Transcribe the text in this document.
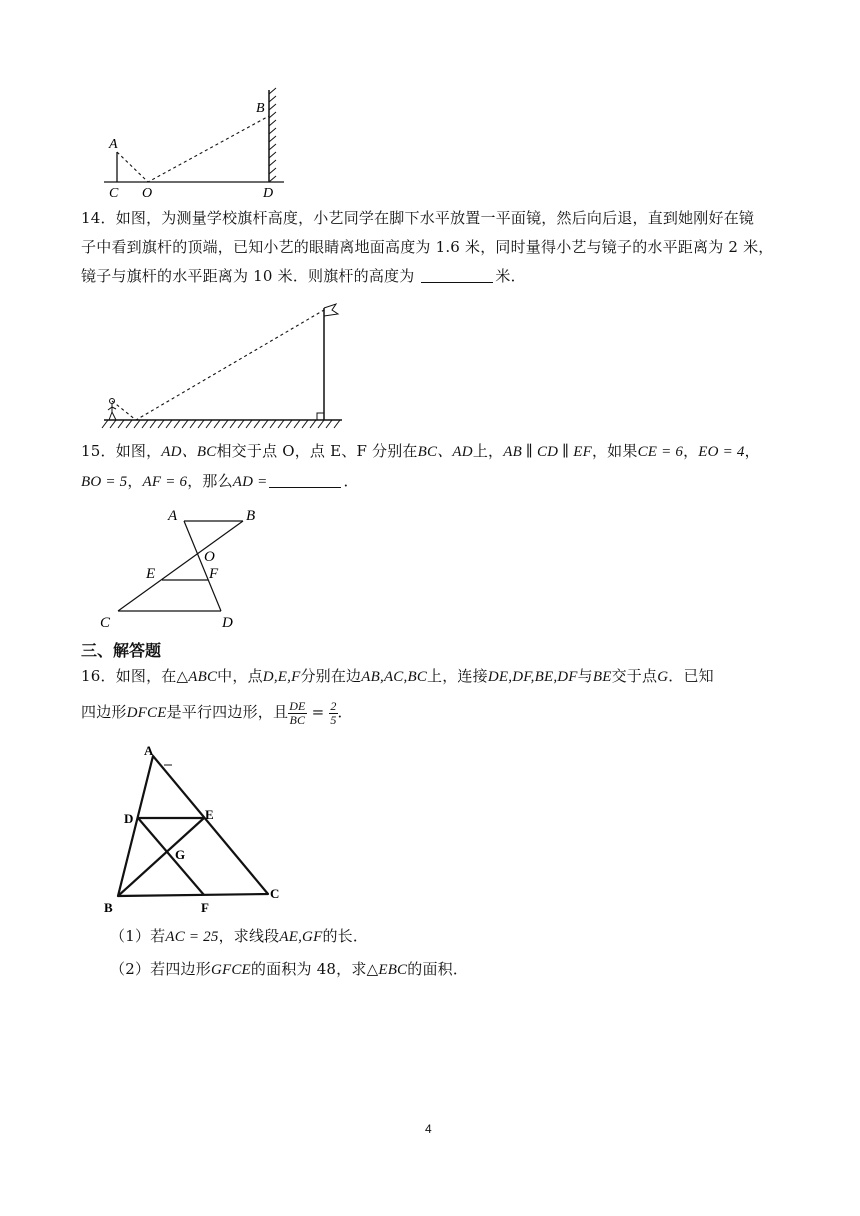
A
B
C O	D
14．如图，为测量学校旗杆高度，小艺同学在脚下水平放置一平面镜，然后向后退，直到她刚好在镜
子中看到旗杆的顶端，已知小艺的眼睛离地面高度为 1.6 米，同时量得小艺与镜子的水平距离为 2 米，
镜子与旗杆的水平距离为 10 米．则旗杆的高度为	米．
15．如图，AD、BC相交于点 O，点 E、F 分别在BC、AD上，AB ∥ CD ∥ EF，如果CE = 6，EO = 4，
BO = 5，AF = 6，那么AD =	．
A	B
O
E	F
C	D
三、解答题
16．如图，在△ABC中，点D,E,F分别在边AB,AC,BC上，连接DE,DF,BE,DF与BE交于点G．已知
四边形DFCE是平行四边形，且 $\frac{DE}{BC} = \frac{2}{5}$ ．
A
D	E
G
B	F
C
（1）若AC = 25，求线段AE,GF的长．
（2）若四边形GFCE的面积为 48，求△EBC的面积．
4
